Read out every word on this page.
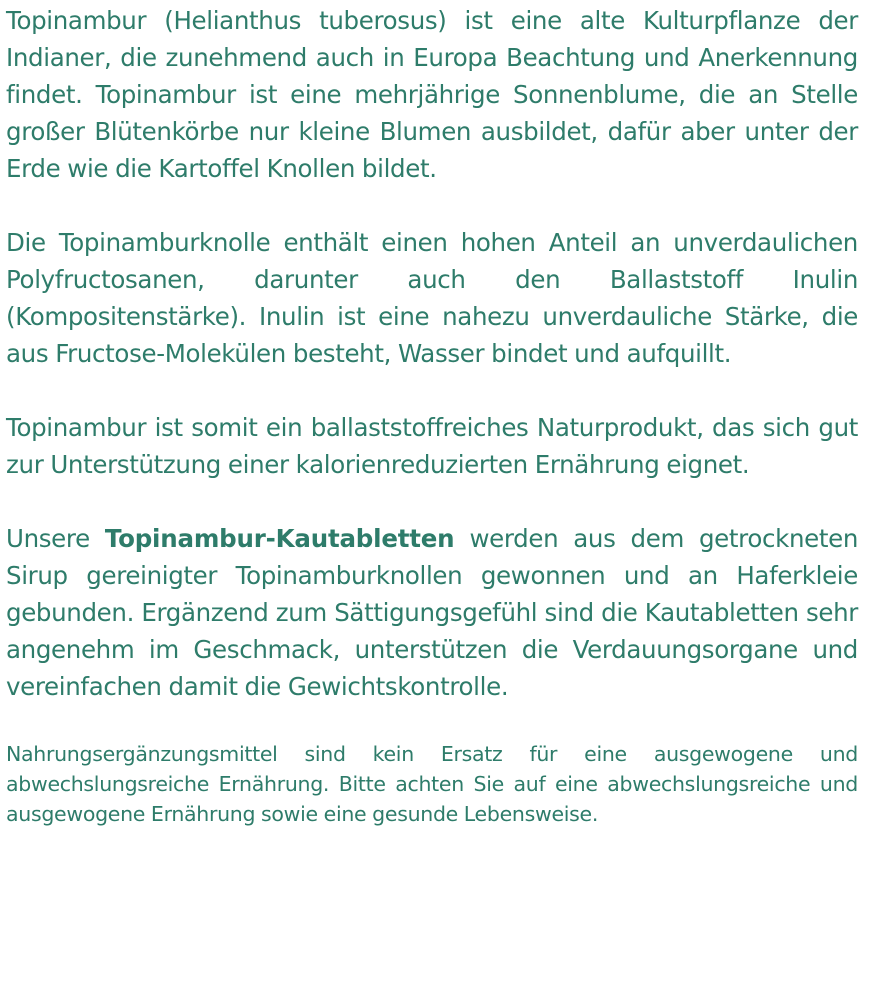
Topinambur (Helianthus tuberosus) ist eine alte Kulturpflanze der Indianer, die zunehmend auch in Europa Beachtung und Anerkennung findet. Topinambur ist eine mehrjährige Sonnenblume, die an Stelle großer Blütenkörbe nur kleine Blumen ausbildet, dafür aber unter der Erde wie die Kartoffel Knollen bildet.

Die Topinamburknolle enthält einen hohen Anteil an unverdaulichen Polyfructosanen, darunter auch den Ballaststoff Inulin (Kompositenstärke). Inulin ist eine nahezu unverdauliche Stärke, die aus Fructose-Molekülen besteht, Wasser bindet und aufquillt.

Topinambur ist somit ein ballaststoffreiches Naturprodukt, das sich gut zur Unterstützung einer kalorienreduzierten Ernährung eignet.

Unsere Topinambur-Kautabletten werden aus dem getrockneten Sirup gereinigter Topinamburknollen gewonnen und an Haferkleie gebunden. Ergänzend zum Sättigungsgefühl sind die Kautabletten sehr angenehm im Geschmack, unterstützen die Verdauungsorgane und vereinfachen damit die Gewichtskontrolle.

Nahrungsergänzungsmittel sind kein Ersatz für eine ausgewogene und abwechslungsreiche Ernährung. Bitte achten Sie auf eine abwechslungsreiche und ausgewogene Ernährung sowie eine gesunde Lebensweise.
